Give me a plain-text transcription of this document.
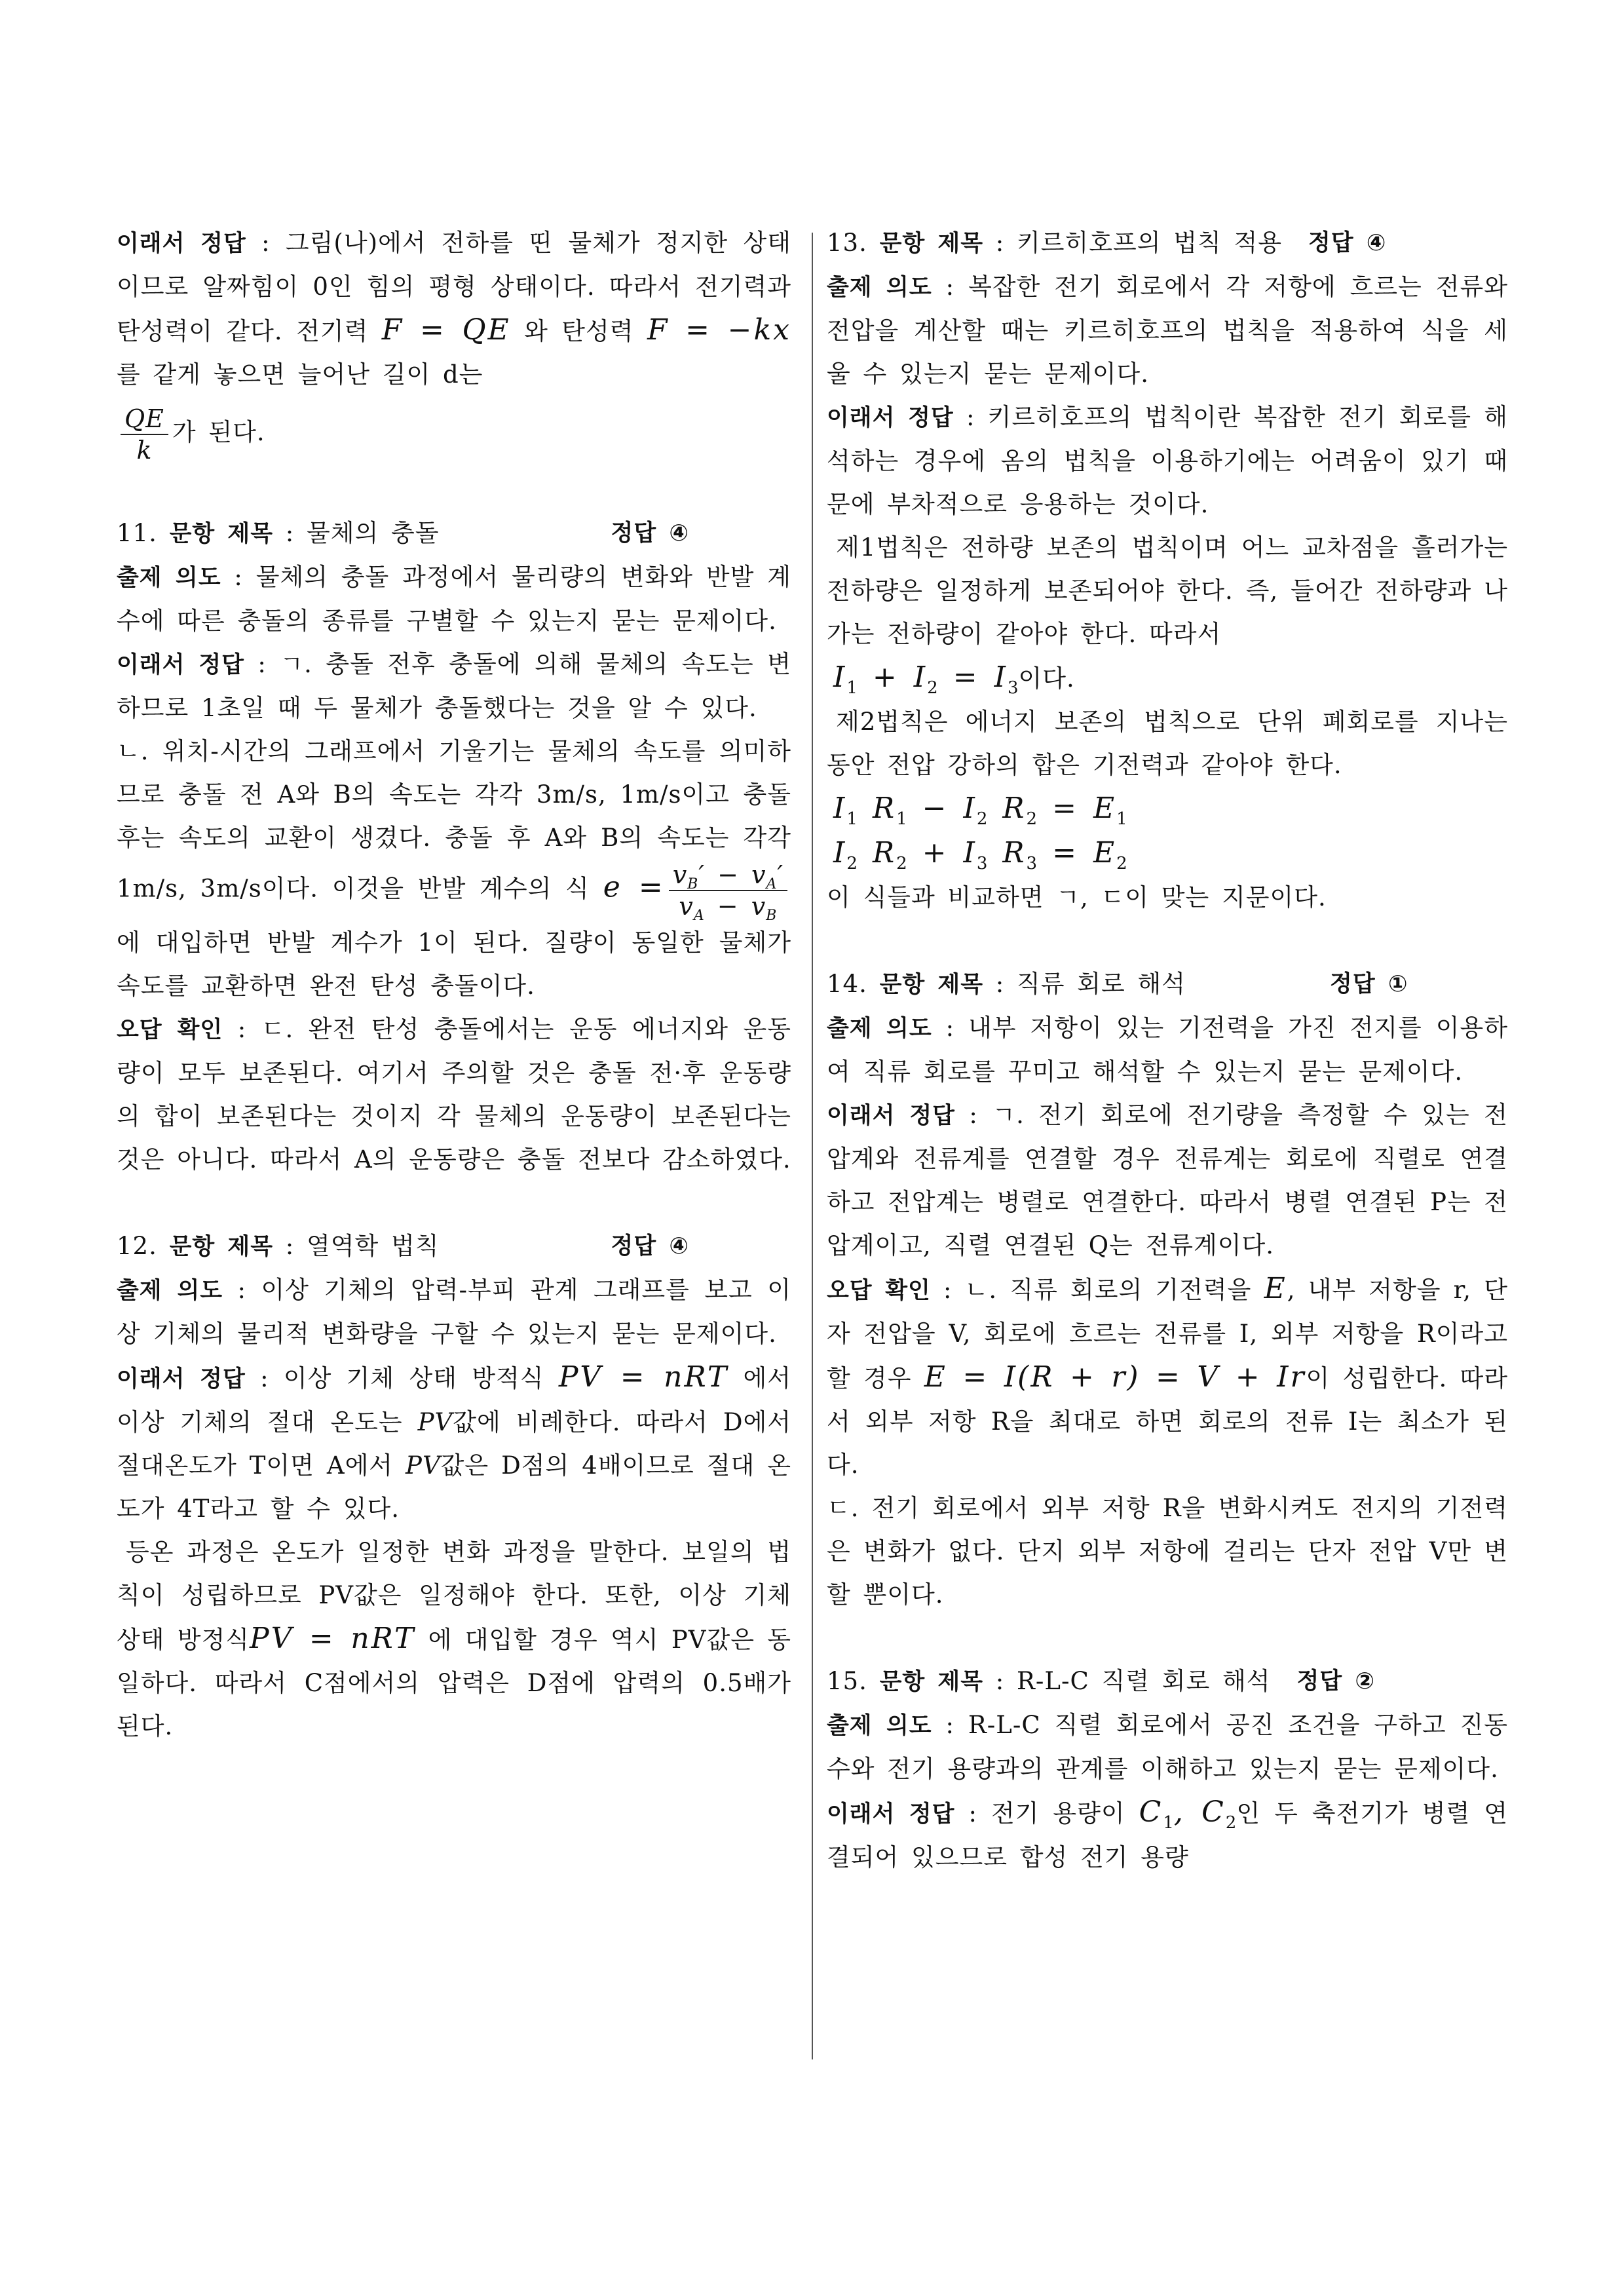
이래서 정답 : 그림(나)에서 전하를 띤 물체가 정지한 상태이므로 알짜힘이 0인 힘의 평형 상태이다. 따라서 전기력과 탄성력이 같다. 전기력 F = QE 와 탄성력 F = −kx를 같게 놓으면 늘어난 길이 d는

$\frac{QE}{k}$ 가 된다.

11. 문항 제목 : 물체의 충돌	정답 ④

출제 의도 : 물체의 충돌 과정에서 물리량의 변화와 반발 계수에 따른 충돌의 종류를 구별할 수 있는지 묻는 문제이다.

이래서 정답 : ㄱ. 충돌 전후 충돌에 의해 물체의 속도는 변하므로 1초일 때 두 물체가 충돌했다는 것을 알 수 있다.

ㄴ. 위치-시간의 그래프에서 기울기는 물체의 속도를 의미하므로 충돌 전 A와 B의 속도는 각각 3m/s, 1m/s이고 충돌 후는 속도의 교환이 생겼다. 충돌 후 A와 B의 속도는 각각 1m/s, 3m/s이다. 이것을 반발 계수의 식 $e = \frac{v_B' - v_A'}{v_A - v_B}$
에 대입하면 반발 계수가 1이 된다. 질량이 동일한 물체가 속도를 교환하면 완전 탄성 충돌이다.

오답 확인 : ㄷ. 완전 탄성 충돌에서는 운동 에너지와 운동량이 모두 보존된다. 여기서 주의할 것은 충돌 전·후 운동량의 합이 보존된다는 것이지 각 물체의 운동량이 보존된다는 것은 아니다. 따라서 A의 운동량은 충돌 전보다 감소하였다.

12. 문항 제목 : 열역학 법칙	정답 ④

출제 의도 : 이상 기체의 압력-부피 관계 그래프를 보고 이상 기체의 물리적 변화량을 구할 수 있는지 묻는 문제이다.

이래서 정답 : 이상 기체 상태 방적식 PV = nRT 에서 이상 기체의 절대 온도는 PV값에 비례한다. 따라서 D에서 절대온도가 T이면 A에서 PV값은 D점의 4배이므로 절대 온도가 4T라고 할 수 있다.

등온 과정은 온도가 일정한 변화 과정을 말한다. 보일의 법칙이 성립하므로 PV값은 일정해야 한다. 또한, 이상 기체 상태 방정식PV = nRT 에 대입할 경우 역시 PV값은 동일하다. 따라서 C점에서의 압력은 D점에 압력의 0.5배가 된다.

13. 문항 제목 : 키르히호프의 법칙 적용 정답 ④

출제 의도 : 복잡한 전기 회로에서 각 저항에 흐르는 전류와 전압을 계산할 때는 키르히호프의 법칙을 적용하여 식을 세울 수 있는지 묻는 문제이다.

이래서 정답 : 키르히호프의 법칙이란 복잡한 전기 회로를 해석하는 경우에 옴의 법칙을 이용하기에는 어려움이 있기 때문에 부차적으로 응용하는 것이다.

제1법칙은 전하량 보존의 법칙이며 어느 교차점을 흘러가는 전하량은 일정하게 보존되어야 한다. 즉, 들어간 전하량과 나가는 전하량이 같아야 한다. 따라서

$I_1 + I_2 = I_3$이다.

제2법칙은 에너지 보존의 법칙으로 단위 폐회로를 지나는 동안 전압 강하의 합은 기전력과 같아야 한다.

$I_1$ $R_1 - I_2$ $R_2 = E_1$

$I_2$ $R_2 + I_3$ $R_3 = E_2$

이 식들과 비교하면 ㄱ, ㄷ이 맞는 지문이다.

14. 문항 제목 : 직류 회로 해석	정답 ①

출제 의도 : 내부 저항이 있는 기전력을 가진 전지를 이용하여 직류 회로를 꾸미고 해석할 수 있는지 묻는 문제이다.

이래서 정답 : ㄱ. 전기 회로에 전기량을 측정할 수 있는 전압계와 전류계를 연결할 경우 전류계는 회로에 직렬로 연결하고 전압계는 병렬로 연결한다. 따라서 병렬 연결된 P는 전압계이고, 직렬 연결된 Q는 전류계이다.

오답 확인 : ㄴ. 직류 회로의 기전력을 E, 내부 저항을 r, 단자 전압을 V, 회로에 흐르는 전류를 I, 외부 저항을 R이라고 할 경우 E = I(R + r) = V + Ir이 성립한다. 따라서 외부 저항 R을 최대로 하면 회로의 전류 I는 최소가 된다.

ㄷ. 전기 회로에서 외부 저항 R을 변화시켜도 전지의 기전력은 변화가 없다. 단지 외부 저항에 걸리는 단자 전압 V만 변할 뿐이다.

15. 문항 제목 : R-L-C 직렬 회로 해석 정답 ②

출제 의도 : R-L-C 직렬 회로에서 공진 조건을 구하고 진동수와 전기 용량과의 관계를 이해하고 있는지 묻는 문제이다.

이래서 정답 : 전기 용량이 $C_1$, $C_2$인 두 축전기가 병렬 연결되어 있으므로 합성 전기 용량
